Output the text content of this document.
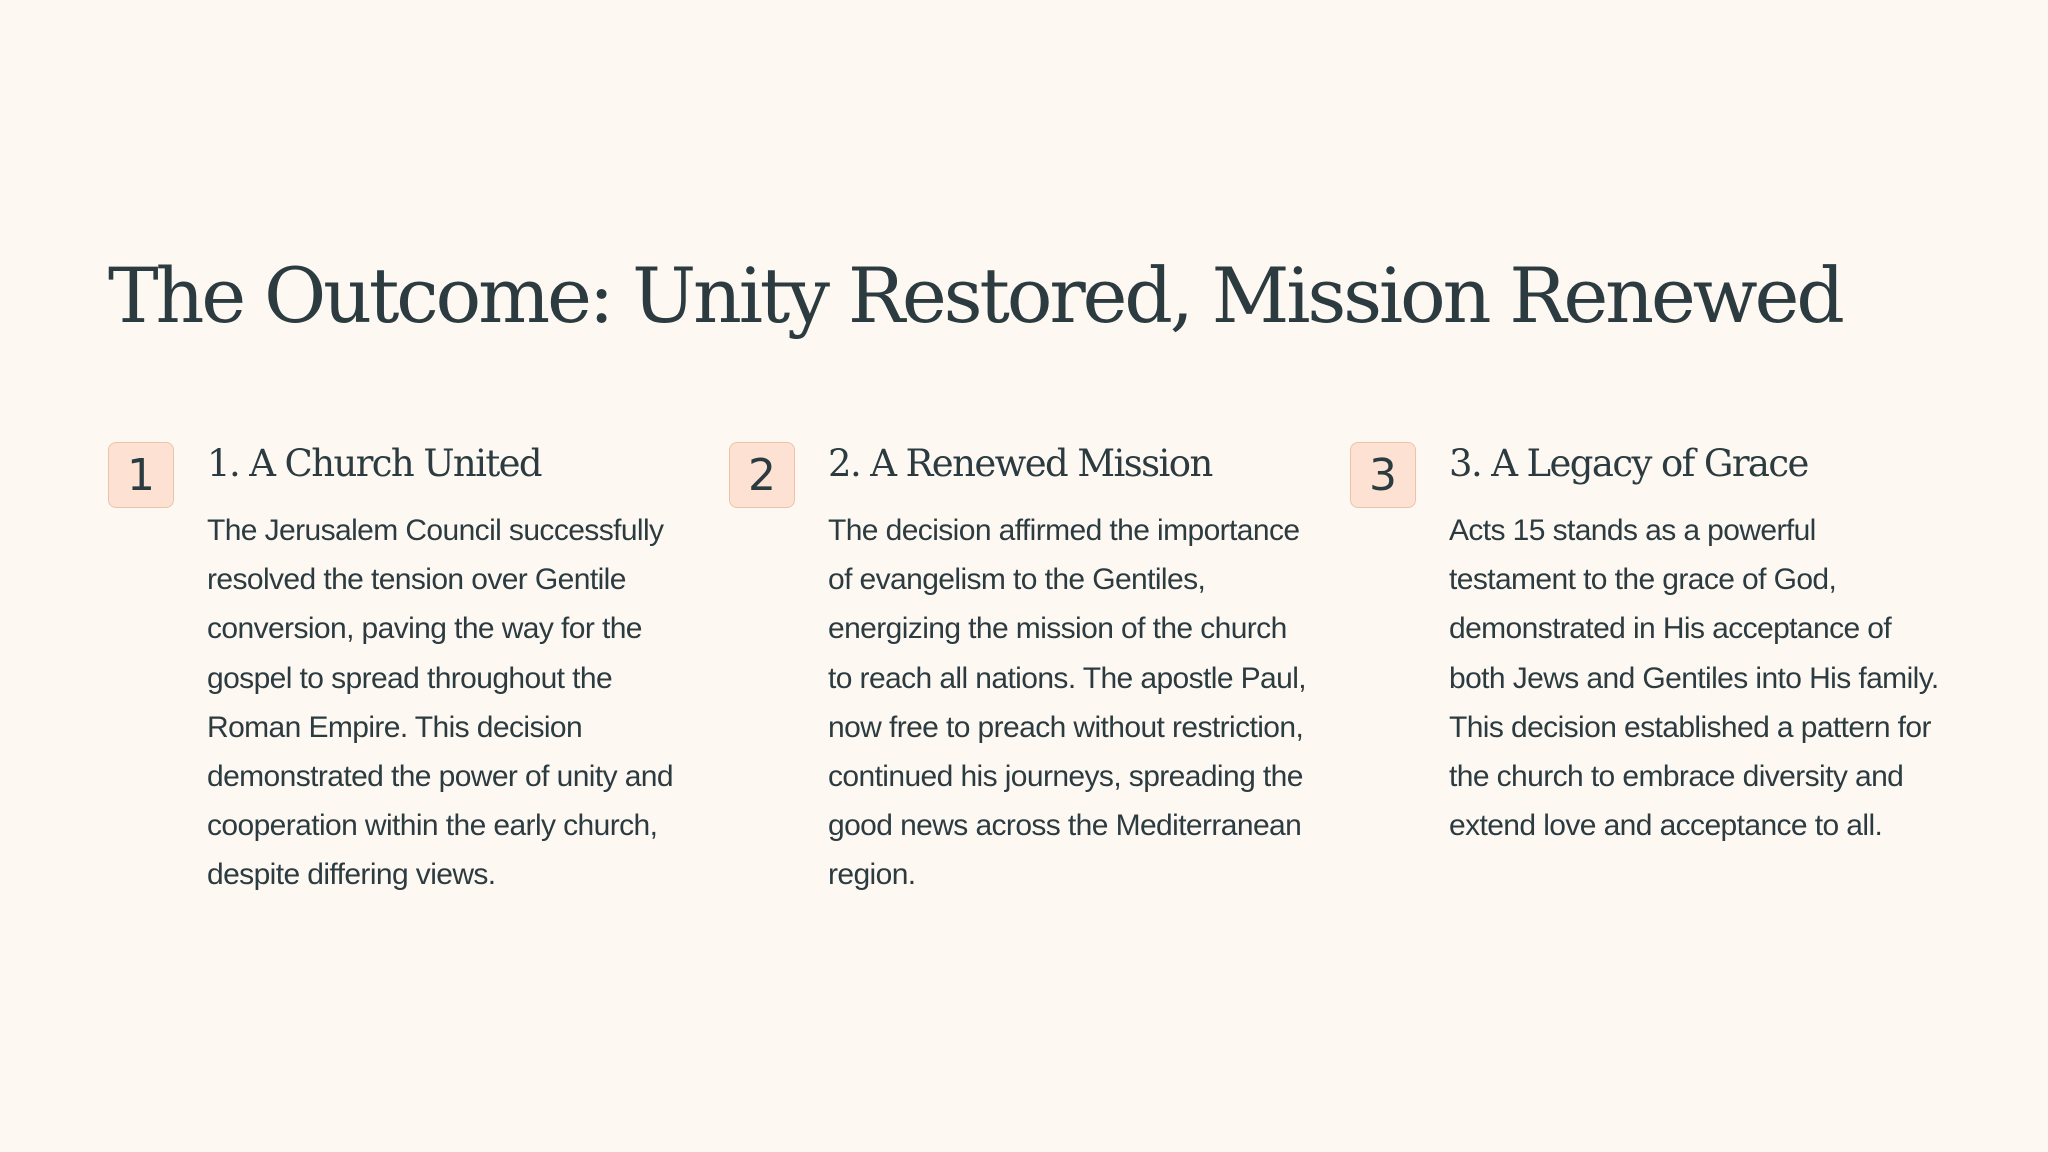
The Outcome: Unity Restored, Mission Renewed
1	1. A Church United

The Jerusalem Council successfully resolved the tension over Gentile conversion, paving the way for the gospel to spread throughout the Roman Empire. This decision demonstrated the power of unity and cooperation within the early church, despite differing views.

2	2. A Renewed Mission

The decision affirmed the importance of evangelism to the Gentiles, energizing the mission of the church to reach all nations. The apostle Paul, now free to preach without restriction, continued his journeys, spreading the good news across the Mediterranean region.

3	3. A Legacy of Grace

Acts 15 stands as a powerful testament to the grace of God, demonstrated in His acceptance of both Jews and Gentiles into His family. This decision established a pattern for the church to embrace diversity and extend love and acceptance to all.
